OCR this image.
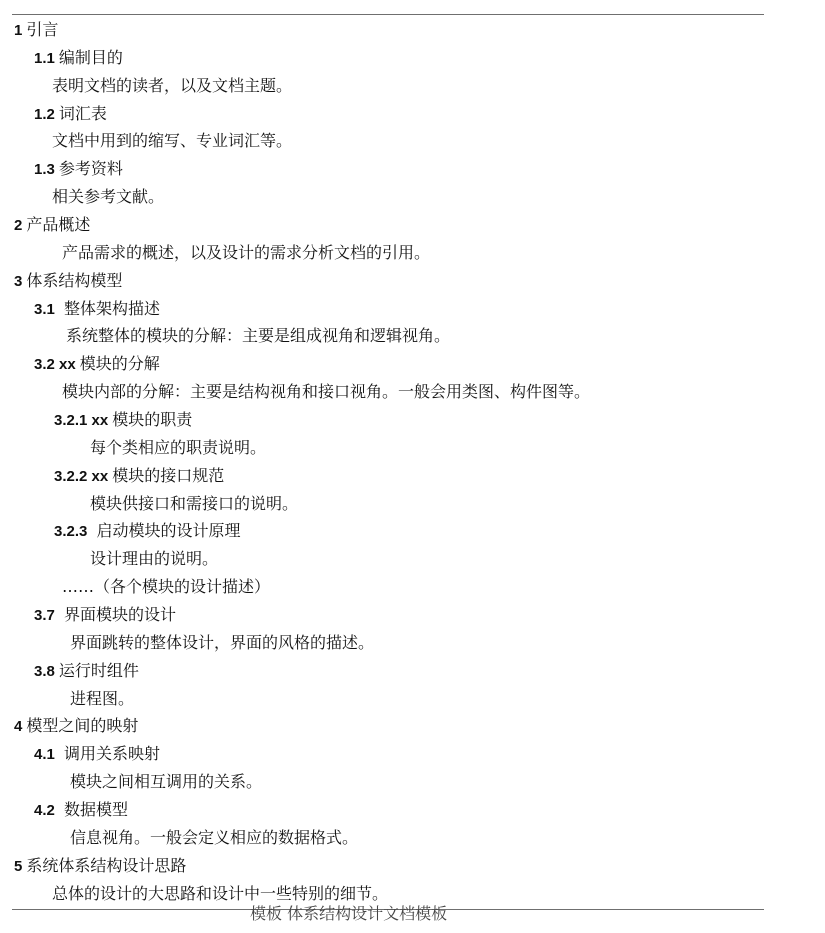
1 引言
1.1 编制目的
表明文档的读者，以及文档主题。
1.2 词汇表
文档中用到的缩写、专业词汇等。
1.3 参考资料
相关参考文献。
2 产品概述
产品需求的概述，以及设计的需求分析文档的引用。
3 体系结构模型
3.1 整体架构描述
系统整体的模块的分解：主要是组成视角和逻辑视角。
3.2 xx 模块的分解
模块内部的分解：主要是结构视角和接口视角。一般会用类图、构件图等。
3.2.1 xx 模块的职责
每个类相应的职责说明。
3.2.2 xx 模块的接口规范
模块供接口和需接口的说明。
3.2.3 启动模块的设计原理
设计理由的说明。
……（各个模块的设计描述）
3.7 界面模块的设计
界面跳转的整体设计，界面的风格的描述。
3.8 运行时组件
进程图。
4 模型之间的映射
4.1 调用关系映射
模块之间相互调用的关系。
4.2 数据模型
信息视角。一般会定义相应的数据格式。
5 系统体系结构设计思路
总体的设计的大思路和设计中一些特别的细节。
模板 体系结构设计文档模板
